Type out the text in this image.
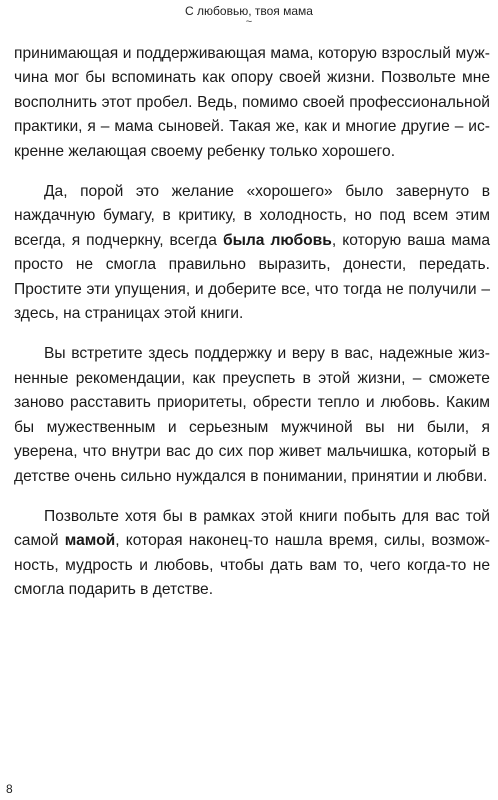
С любовью, твоя мама
~

принимающая и поддерживающая мама, которую взрослый мужчина мог бы вспоминать как опору своей жизни. Позвольте мне восполнить этот пробел. Ведь, помимо своей профессиональной практики, я – мама сыновей. Такая же, как и многие другие – искренне желающая своему ребенку только хорошего.

Да, порой это желание «хорошего» было завернуто в наждачную бумагу, в критику, в холодность, но под всем этим всегда, я подчеркну, всегда была любовь, которую ваша мама просто не смогла правильно выразить, донести, передать. Простите эти упущения, и доберите все, что тогда не получили – здесь, на страницах этой книги.

Вы встретите здесь поддержку и веру в вас, надежные жизненные рекомендации, как преуспеть в этой жизни, – сможете заново расставить приоритеты, обрести тепло и любовь. Каким бы мужественным и серьезным мужчиной вы ни были, я уверена, что внутри вас до сих пор живет мальчишка, который в детстве очень сильно нуждался в понимании, принятии и любви.

Позвольте хотя бы в рамках этой книги побыть для вас той самой мамой, которая наконец-то нашла время, силы, возможность, мудрость и любовь, чтобы дать вам то, чего когда-то не смогла подарить в детстве.

8
